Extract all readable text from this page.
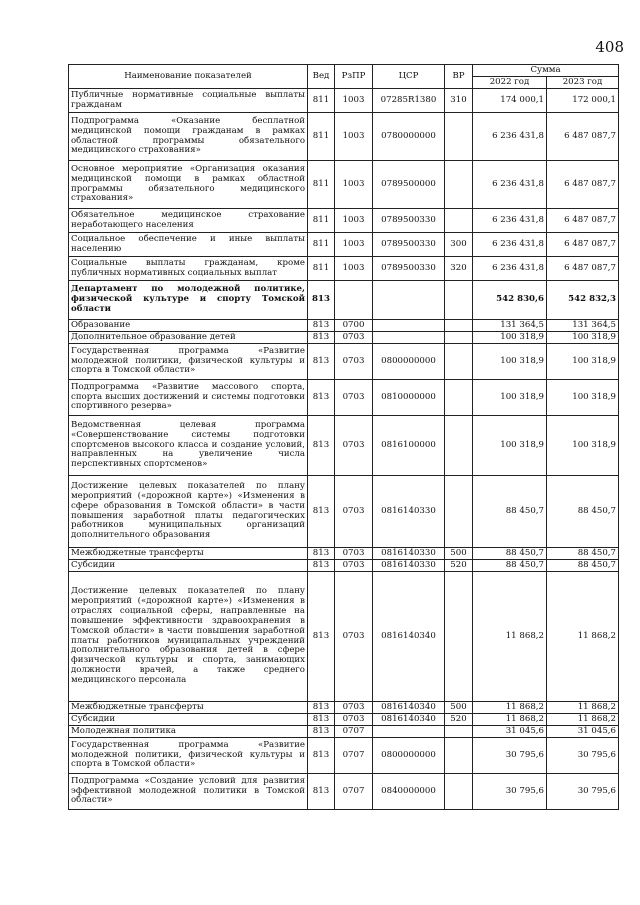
408
Наименование показателей	Вед	РзПР	ЦСР	ВР	Сумма	
					2022 год	2023 год
Публичные нормативные социальные выплаты гражданам	811	1003	07285R1380	310	174 000,1	172 000,1
Подпрограмма «Оказание бесплатной медицинской помощи гражданам в рамках областной программы обязательного медицинского страхования»	811	1003	0780000000		6 236 431,8	6 487 087,7
Основное мероприятие «Организация оказания медицинской помощи в рамках областной программы обязательного медицинского страхования»	811	1003	0789500000		6 236 431,8	6 487 087,7
Обязательное медицинское страхование неработающего населения	811	1003	0789500330		6 236 431,8	6 487 087,7
Социальное обеспечение и иные выплаты населению	811	1003	0789500330	300	6 236 431,8	6 487 087,7
Социальные выплаты гражданам, кроме публичных нормативных социальных выплат	811	1003	0789500330	320	6 236 431,8	6 487 087,7
Департамент по молодежной политике, физической культуре и спорту Томской области	813				542 830,6	542 832,3
Образование	813	0700			131 364,5	131 364,5
Дополнительное образование детей	813	0703			100 318,9	100 318,9
Государственная программа «Развитие молодежной политики, физической культуры и спорта в Томской области»	813	0703	0800000000		100 318,9	100 318,9
Подпрограмма «Развитие массового спорта, спорта высших достижений и системы подготовки спортивного резерва»	813	0703	0810000000		100 318,9	100 318,9
Ведомственная целевая программа «Совершенствование системы подготовки спортсменов высокого класса и создание условий, направленных на увеличение числа перспективных спортсменов»	813	0703	0816100000		100 318,9	100 318,9
Достижение целевых показателей по плану мероприятий («дорожной карте») «Изменения в сфере образования в Томской области» в части повышения заработной платы педагогических работников муниципальных организаций дополнительного образования	813	0703	0816140330		88 450,7	88 450,7
Межбюджетные трансферты	813	0703	0816140330	500	88 450,7	88 450,7
Субсидии	813	0703	0816140330	520	88 450,7	88 450,7
Достижение целевых показателей по плану мероприятий («дорожной карте») «Изменения в отраслях социальной сферы, направленные на повышение эффективности здравоохранения в Томской области» в части повышения заработной платы работников муниципальных учреждений дополнительного образования детей в сфере физической культуры и спорта, занимающих должности врачей, а также среднего медицинского персонала	813	0703	0816140340		11 868,2	11 868,2
Межбюджетные трансферты	813	0703	0816140340	500	11 868,2	11 868,2
Субсидии	813	0703	0816140340	520	11 868,2	11 868,2
Молодежная политика	813	0707			31 045,6	31 045,6
Государственная программа «Развитие молодежной политики, физической культуры и спорта в Томской области»	813	0707	0800000000		30 795,6	30 795,6
Подпрограмма «Создание условий для развития эффективной молодежной политики в Томской области»	813	0707	0840000000		30 795,6	30 795,6
